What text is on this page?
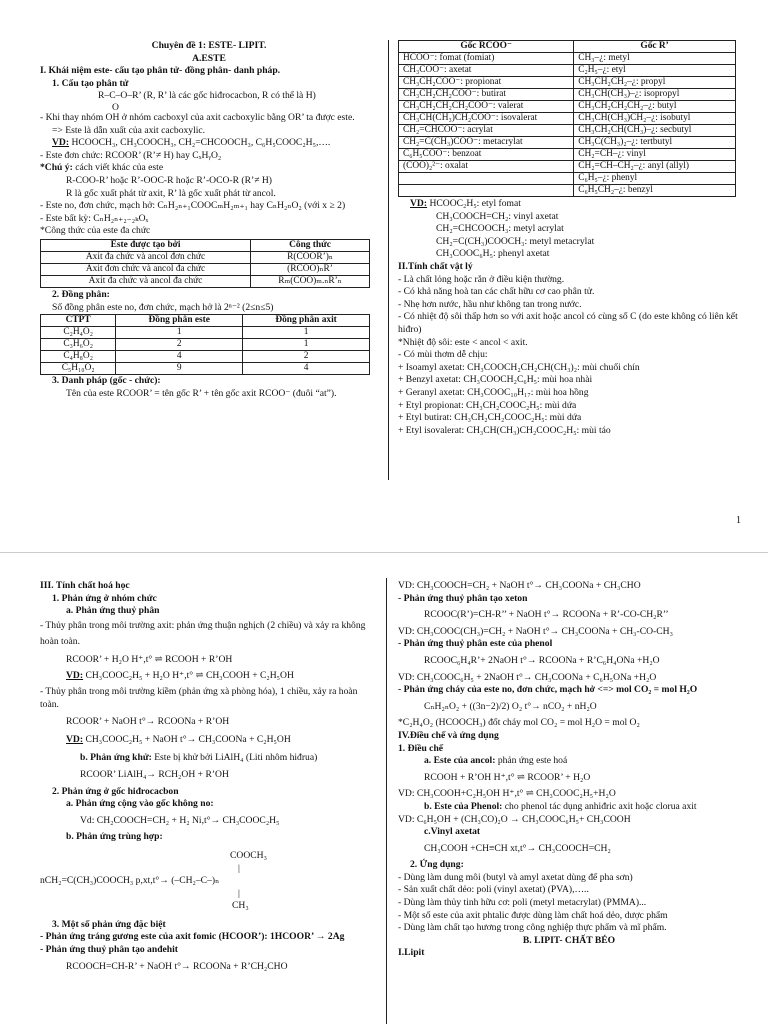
Chuyên đề 1: ESTE- LIPIT.
A.ESTE
I. Khái niệm este- cấu tạo phân tử- đồng phân- danh pháp.
1. Cấu tạo phân tử
R–C–O–R’ (R, R’ là các gốc hiđrocacbon, R có thể là H)
O
- Khi thay nhóm OH ở nhóm cacboxyl của axit cacboxylic bằng OR’ ta được este.
=> Este là dẫn xuất của axit cacboxylic.
VD: HCOOCH₃, CH₃COOCH₃, CH₂=CHCOOCH₃, C₆H₅COOC₂H₅,….
- Este đơn chức: RCOOR’ (R’≠ H) hay CₓHᵧO₂
*Chú ý: cách viết khác của este
R-COO-R’ hoặc R’-OOC-R hoặc R’-OCO-R (R’≠ H)
R là gốc xuất phát từ axit, R’ là gốc xuất phát từ ancol.
- Este no, đơn chức, mạch hở: CₙH₂ₙ₊₁COOCₘH₂ₘ₊₁ hay CₙH₂ₙO₂ (với x ≥ 2)
- Este bất kỳ: CₙH₂ₙ₊₂₋₂ₖOₓ
*Công thức của este đa chức
Este được tạo bởi	Công thức
Axit đa chức và ancol đơn chức	R(COOR’)ₙ
Axit đơn chức và ancol đa chức	(RCOO)ₙR’
Axit đa chức và ancol đa chức	Rₘ(COO)ₘ.ₙR’ₙ
2. Đồng phân:
Số đồng phân este no, đơn chức, mạch hở là 2ⁿ⁻² (2≤n≤5)
CTPT	Đồng phân este	Đồng phân axit
C₂H₄O₂	1	1
C₃H₆O₂	2	1
C₄H₈O₂	4	2
C₅H₁₀O₂	9	4
3. Danh pháp (gốc - chức):
Tên của este RCOOR’ = tên gốc R’ + tên gốc axit RCOO⁻ (đuôi “at”).
Gốc RCOO⁻	Gốc R’
HCOO⁻: fomat (fomiat)	CH₃–¿: metyl
CH₃COO⁻: axetat	C₂H₅–¿: etyl
CH₃CH₂COO⁻: propionat	CH₃CH₂CH₂–¿: propyl
CH₃CH₂CH₂COO⁻: butirat	CH₃CH(CH₃)–¿: isopropyl
CH₃CH₂CH₂CH₂COO⁻: valerat	CH₃CH₂CH₂CH₂–¿: butyl
CH₃CH(CH₃)CH₂COO⁻: isovalerat	CH₃CH(CH₃)CH₂–¿: isobutyl
CH₂=CHCOO⁻: acrylat	CH₃CH₂CH(CH₃)–¿: secbutyl
CH₂=C(CH₃)COO⁻: metacrylat	CH₃C(CH₃)₂–¿: tertbutyl
C₆H₅COO⁻: benzoat	CH₂=CH–¿: vinyl
(COO)₂²⁻: oxalat	CH₂=CH–CH₂–¿: anyl (allyl)
	C₆H₅–¿: phenyl
	C₆H₅CH₂–¿: benzyl
VD: HCOOC₂H₅: etyl fomat
CH₃COOCH=CH₂: vinyl axetat
CH₂=CHCOOCH₃: metyl acrylat
CH₂=C(CH₃)COOCH₃: metyl metacrylat
CH₃COOC₆H₅: phenyl axetat
II.Tính chất vật lý
- Là chất lỏng hoặc rắn ở điều kiện thường.
- Có khả năng hoà tan các chất hữu cơ cao phân tử.
- Nhẹ hơn nước, hầu như không tan trong nước.
- Có nhiệt độ sôi thấp hơn so với axit hoặc ancol có cùng số C (do este không có liên kết hiđro)
*Nhiệt độ sôi: este < ancol < axit.
- Có mùi thơm dễ chịu:
+ Isoamyl axetat: CH₃COOCH₂CH₂CH(CH₃)₂: mùi chuối chín
+ Benzyl axetat: CH₃COOCH₂C₆H₅: mùi hoa nhài
+ Geranyl axetat: CH₃COOC₁₀H₁₇: mùi hoa hồng
+ Etyl propionat: CH₃CH₂COOC₂H₅: mùi dứa
+ Etyl butirat: CH₃CH₂CH₂COOC₂H₅: mùi dứa
+ Etyl isovalerat: CH₃CH(CH₃)CH₂COOC₂H₅: mùi táo
1
III. Tính chất hoá học
1. Phản ứng ở nhóm chức
a. Phản ứng thuỷ phân
- Thủy phân trong môi trường axit: phản ứng thuận nghịch (2 chiều) và xảy ra không hoàn toàn.
RCOOR’ + H₂O H⁺,t° ⇌ RCOOH + R’OH
VD: CH₃COOC₂H₅ + H₂O H⁺,t° ⇌ CH₃COOH + C₂H₅OH
- Thủy phân trong môi trường kiềm (phản ứng xà phòng hóa), 1 chiều, xảy ra hoàn toàn.
RCOOR’ + NaOH t°→ RCOONa + R’OH
VD: CH₃COOC₂H₅ + NaOH t°→ CH₃COONa + C₂H₅OH
b. Phản ứng khử: Este bị khử bởi LiAlH₄ (Liti nhôm hiđrua)
RCOOR’ LiAlH₄→ RCH₂OH + R’OH
2. Phản ứng ở gốc hiđrocacbon
a. Phản ứng cộng vào gốc không no:
Vd: CH₂COOCH=CH₂ + H₂ Ni,t°→ CH₃COOC₂H₅
b. Phản ứng trùng hợp:
COOCH₃
|
nCH₂=C(CH₃)COOCH₃ p,xt,t°→ (–CH₂–C–)ₙ
|
CH₃
3. Một số phản ứng đặc biệt
- Phản ứng tráng gương este của axit fomic (HCOOR’): 1HCOOR’ → 2Ag
- Phản ứng thuỷ phân tạo anđehit
RCOOCH=CH-R’ + NaOH t°→ RCOONa + R’CH₂CHO
VD: CH₃COOCH=CH₂ + NaOH t°→ CH₃COONa + CH₃CHO
- Phản ứng thuỷ phân tạo xeton
RCOOC(R’)=CH-R’’ + NaOH t°→ RCOONa + R’-CO-CH₂R’’
VD: CH₃COOC(CH₃)=CH₂ + NaOH t°→ CH₃COONa + CH₃-CO-CH₃
- Phản ứng thuỷ phân este của phenol
RCOOC₆H₄R’+ 2NaOH t°→ RCOONa + R’C₆H₄ONa +H₂O
VD: CH₃COOC₆H₅ + 2NaOH t°→ CH₃COONa + C₆H₅ONa +H₂O
- Phản ứng cháy của este no, đơn chức, mạch hở <=> mol CO₂ = mol H₂O
CₙH₂ₙO₂ + ((3n−2)/2) O₂ t°→ nCO₂ + nH₂O
*C₂H₄O₂ (HCOOCH₃) đốt cháy mol CO₂ = mol H₂O = mol O₂
IV.Điều chế và ứng dụng
1. Điều chế
a. Este của ancol: phản ứng este hoá
RCOOH + R’OH H⁺,t° ⇌ RCOOR’ + H₂O
VD: CH₃COOH+C₂H₅OH H⁺,t° ⇌ CH₃COOC₂H₅+H₂O
b. Este của Phenol: cho phenol tác dụng anhiđric axit hoặc clorua axit
VD: C₆H₅OH + (CH₃CO)₂O → CH₃COOC₆H₅+ CH₃COOH
c.Vinyl axetat
CH₃COOH +CH≡CH xt,t°→ CH₃COOCH=CH₂
2. Ứng dụng:
- Dùng làm dung môi (butyl và amyl axetat dùng để pha sơn)
- Sản xuất chất dẻo: poli (vinyl axetat) (PVA),…..
- Dùng làm thủy tinh hữu cơ: poli (metyl metacrylat) (PMMA)...
- Một số este của axit phtalic được dùng làm chất hoá dẻo, dược phẩm
- Dùng làm chất tạo hương trong công nghiệp thực phẩm và mĩ phẩm.
B. LIPIT- CHẤT BÉO
I.Lipit
